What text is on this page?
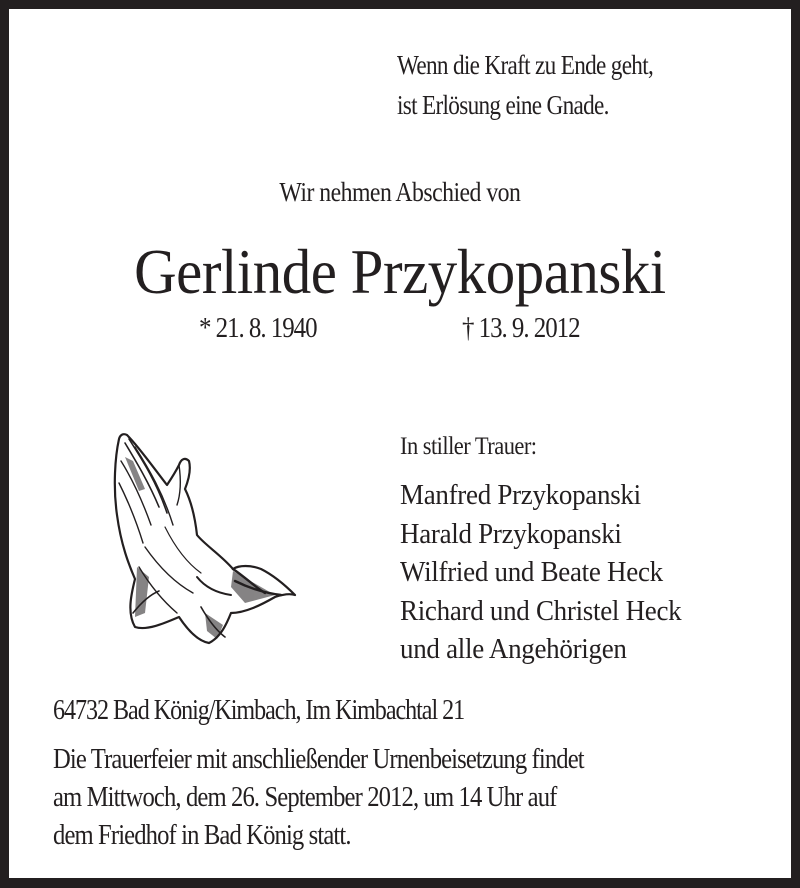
Wenn die Kraft zu Ende geht,
ist Erlösung eine Gnade.
Wir nehmen Abschied von
Gerlinde Przykopanski
* 21. 8. 1940	† 13. 9. 2012
In stiller Trauer:
Manfred Przykopanski
Harald Przykopanski
Wilfried und Beate Heck
Richard und Christel Heck
und alle Angehörigen
64732 Bad König/Kimbach, Im Kimbachtal 21
Die Trauerfeier mit anschließender Urnenbeisetzung findet
am Mittwoch, dem 26. September 2012, um 14 Uhr auf
dem Friedhof in Bad König statt.
